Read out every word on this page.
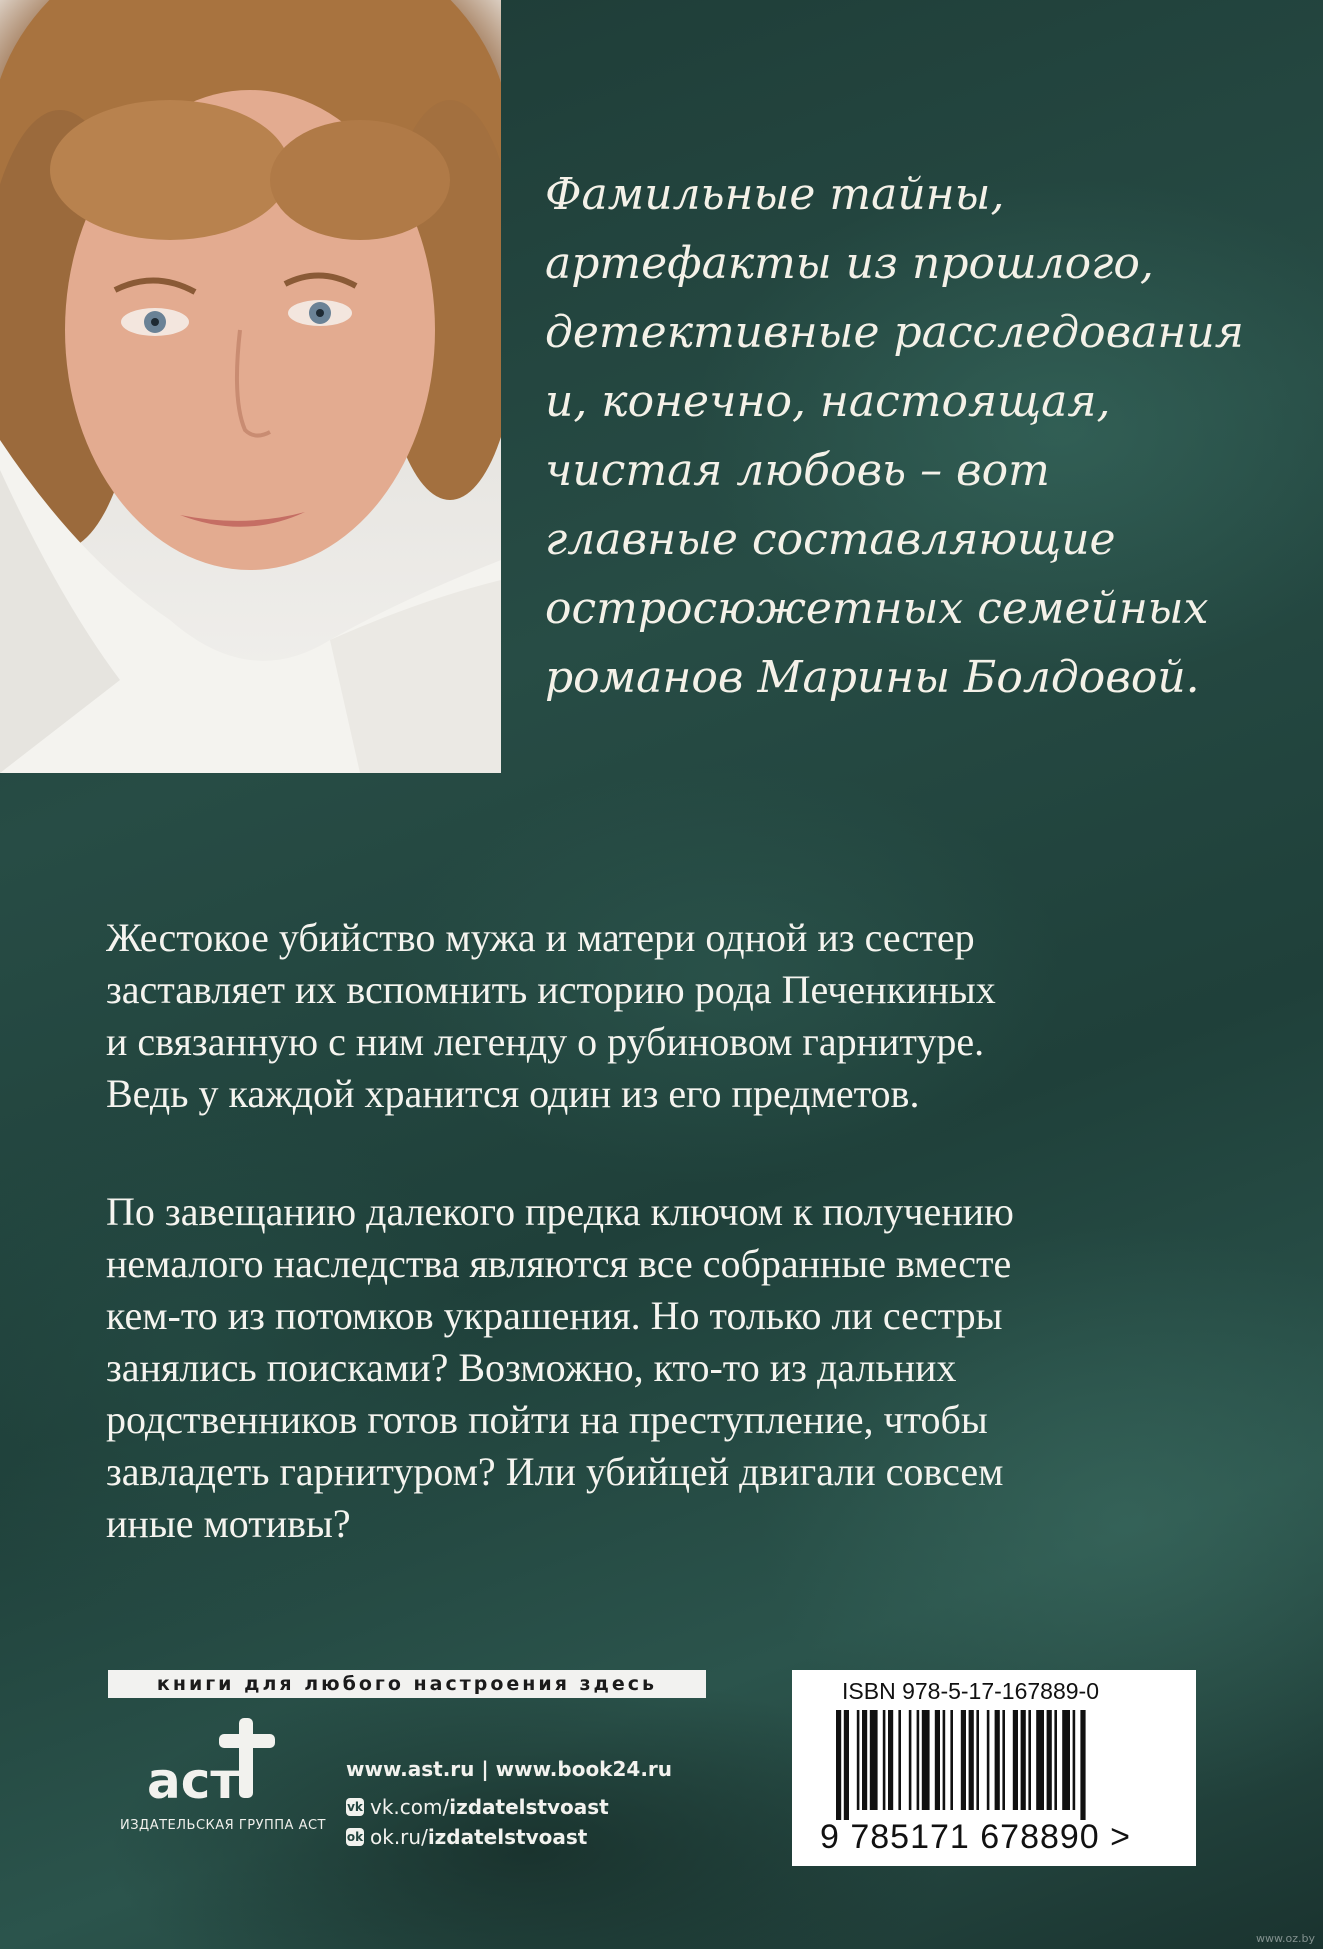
Фамильные тайны,
артефакты из прошлого,
детективные расследования
и, конечно, настоящая,
чистая любовь – вот
главные составляющие
остросюжетных семейных
романов Марины Болдовой.
Жестокое убийство мужа и матери одной из сестер
заставляет их вспомнить историю рода Печенкиных
и связанную с ним легенду о рубиновом гарнитуре.
Ведь у каждой хранится один из его предметов.
По завещанию далекого предка ключом к получению
немалого наследства являются все собранные вместе
кем-то из потомков украшения. Но только ли сестры
занялись поисками? Возможно, кто-то из дальних
родственников готов пойти на преступление, чтобы
завладеть гарнитуром? Или убийцей двигали совсем
иные мотивы?
книги для любого настроения здесь
аст
ИЗДАТЕЛЬСКАЯ ГРУППА АСТ
www.ast.ru | www.book24.ru
vk vk.com/ izdatelstvoast
ok ok.ru/ izdatelstvoast
ISBN 978-5-17-167889-0
9 785171 678890 >
www.oz.by
